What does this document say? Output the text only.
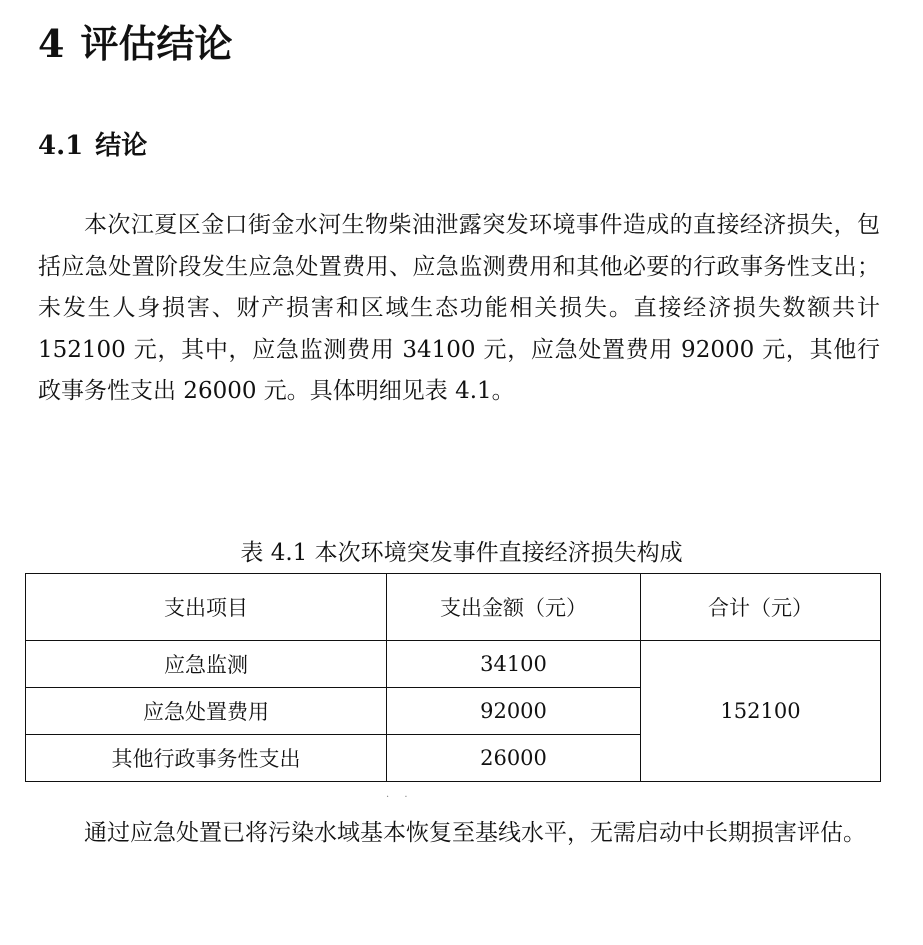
4 评估结论
4.1 结论

本次江夏区金口街金水河生物柴油泄露突发环境事件造成的直接经济损失，包括应急处置阶段发生应急处置费用、应急监测费用和其他必要的行政事务性支出；未发生人身损害、财产损害和区域生态功能相关损失。直接经济损失数额共计 152100 元，其中，应急监测费用 34100 元，应急处置费用 92000 元，其他行政事务性支出 26000 元。具体明细见表 4.1。

表 4.1 本次环境突发事件直接经济损失构成
支出项目	支出金额（元）	合计（元）
应急监测	34100	152100
应急处置费用	92000	
其他行政事务性支出	26000	
· ·

通过应急处置已将污染水域基本恢复至基线水平，无需启动中长期损害评估。
